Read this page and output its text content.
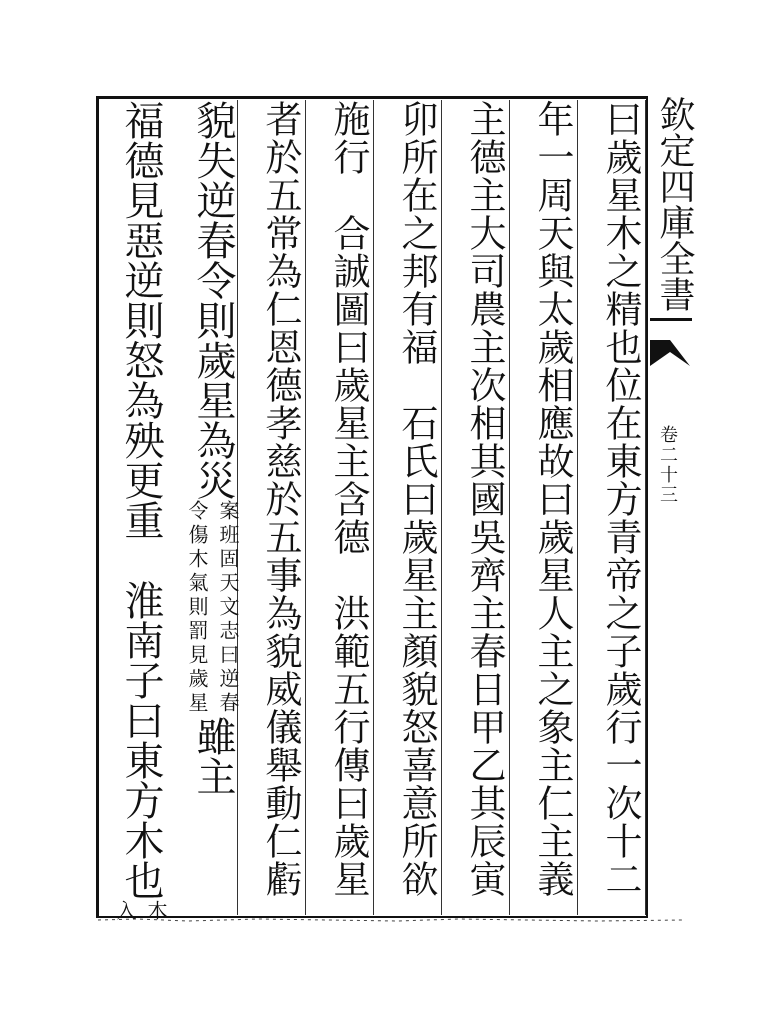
曰歲星木之精也位在東方青帝之子歲行一次十二
年一周天與太歲相應故曰歲星人主之象主仁主義
主德主大司農主次相其國吳齊主春日甲乙其辰寅
卯所在之邦有福　石氏曰歲星主顏貌怒喜意所欲
施行　合誠圖曰歲星主含德　洪範五行傳曰歲星
者於五常為仁恩德孝慈於五事為貌威儀舉動仁虧
貌失逆春令則歲星為災
案班固天文志曰逆春
令傷木氣則罰見歲星
雖主
福德見惡逆則怒為殃更重　淮南子曰東方木也
木
入
欽定四庫全書
卷二十三
